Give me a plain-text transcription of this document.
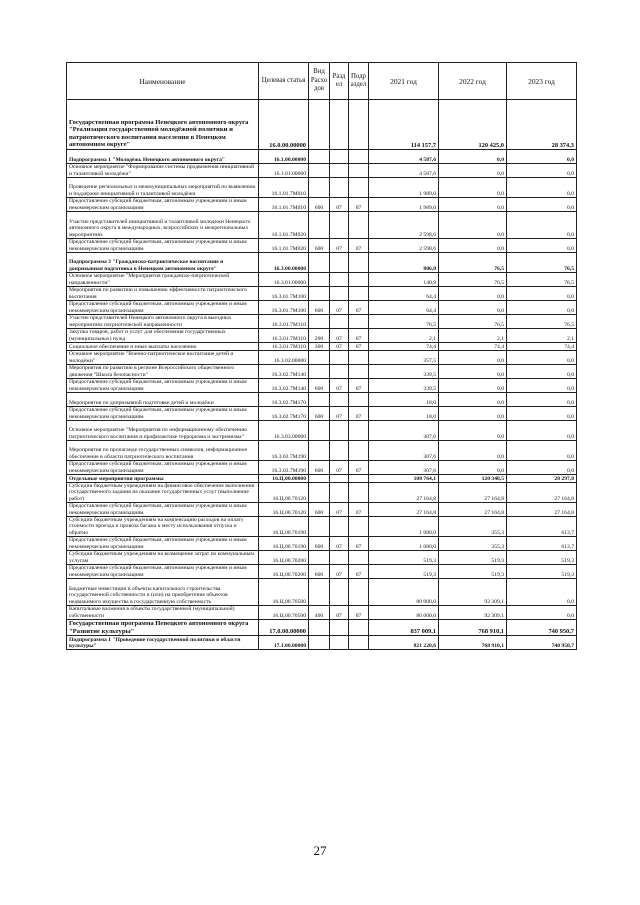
Наименование	Целевая статья	Вид Расхо дов	Разд ел	Подр аздел	2021 год	2022 год	2023 год
Государственная программа Ненецкого автономного округа "Реализация государственной молодёжной политики и патриотического воспитания населения в Ненецком автономном округе"	16.0.00.00000				114 157,7	120 425,0	28 374,3
Подпрограмма 1 "Молодёжь Ненецкого автономного округа"	16.1.00.00000				4 587,6	0,0	0,0
Основное мероприятие "Формирование системы продвижения инициативной и талантливой молодёжи"	16.1.01.00000				4 587,6	0,0	0,0
Проведение региональных и межмуниципальных мероприятий по выявлению и поддержке инициативной и талантливой молодёжи	16.1.01.7М010				1 989,0	0,0	0,0
Предоставление субсидий бюджетным, автономным учреждениям и иным некоммерческим организациям	16.1.01.7М010	600	07	07	1 989,0	0,0	0,0
Участие представителей инициативной и талантливой молодежи Ненецкого автономного округа в международных, всероссийских и межрегиональных мероприятиях	16.1.01.7М020				2 598,6	0,0	0,0
Предоставление субсидий бюджетным, автономным учреждениям и иным некоммерческим организациям	16.1.01.7М020	600	07	07	2 598,6	0,0	0,0
Подпрограмма 3 "Гражданско-патриотическое воспитание и допризывная подготовка в Ненецком автономном округе"	16.3.00.00000				806,0	76,5	76,5
Основное мероприятие "Мероприятия гражданско-патриотической направленности"	16.3.01.00000				140,9	76,5	76,5
Мероприятия по развитию и повышению эффективности патриотического воспитания	16.3.01.7М100				64,4	0,0	0,0
Предоставление субсидий бюджетным, автономным учреждениям и иным некоммерческим организациям	16.3.01.7М100	600	07	07	64,4	0,0	0,0
Участие представителей Ненецкого автономного округа в выездных мероприятиях патриотической направленности	16.3.01.7М110				76,5	76,5	76,5
Закупка товаров, работ и услуг для обеспечения государственных (муниципальных) нужд	16.3.01.7М110	200	07	07	2,1	2,1	2,1
Социальное обеспечение и иные выплаты населению	16.3.01.7М110	300	07	07	74,4	74,4	74,4
Основное мероприятие "Военно-патриотическое воспитание детей и молодёжи"	16.3.02.00000				357,5	0,0	0,0
Мероприятия по развитию в регионе Всероссийского общественного движения "Школа безопасности"	16.3.02.7М140				339,5	0,0	0,0
Предоставление субсидий бюджетным, автономным учреждениям и иным некоммерческим организациям	16.3.02.7М140	600	07	07	339,5	0,0	0,0
Мероприятия по допризывной подготовке детей и молодёжи	16.3.02.7М170				18,0	0,0	0,0
Предоставление субсидий бюджетным, автономным учреждениям и иным некоммерческим организациям	16.3.02.7М170	600	07	07	18,0	0,0	0,0
Основное мероприятие "Мероприятия по информационному обеспечению патриотического воспитания и профилактике терроризма и экстремизма"	16.3.03.00000				307,6	0,0	0,0
Мероприятия по пропаганде государственных символов, информационное обеспечение в области патриотического воспитания	16.3.03.7М190				307,6	0,0	0,0
Предоставление субсидий бюджетным, автономным учреждениям и иным некоммерческим организациям	16.3.03.7М190	600	07	07	307,6	0,0	0,0
Отдельные мероприятия программы	16.Ц.00.00000				108 764,1	120 348,5	28 297,8
Субсидии бюджетным учреждениям на финансовое обеспечение выполнения государственного задания на оказание государственных услуг (выполнение работ)	16.Ц.00.70120				27 164,8	27 164,8	27 164,8
Предоставление субсидий бюджетным, автономным учреждениям и иным некоммерческим организациям	16.Ц.00.70120	600	07	07	27 164,8	27 164,8	27 164,8
Субсидии бюджетным учреждениям на компенсацию расходов на оплату стоимости проезда и провоза багажа к месту использования отпуска и обратно	16.Ц.00.70190				1 080,0	355,3	613,7
Предоставление субсидий бюджетным, автономным учреждениям и иным некоммерческим организациям	16.Ц.00.70190	600	07	07	1 080,0	355,3	613,7
Субсидии бюджетным учреждениям на возмещение затрат по коммунальным услугам	16.Ц.00.70200				519,3	519,3	519,3
Предоставление субсидий бюджетным, автономным учреждениям и иным некоммерческим организациям	16.Ц.00.70200	600	07	07	519,3	519,3	519,3
Бюджетные инвестиции в объекты капитального строительства государственной собственности и (или) на приобретение объектов недвижимого имущества в государственную собственность	16.Ц.00.70500				80 000,0	92 309,1	0,0
Капитальные вложения в объекты государственной (муниципальной) собственности	16.Ц.00.70500	400	07	07	80 000,0	92 309,1	0,0
Государственная программа Ненецкого автономного округа "Развитие культуры"	17.0.00.00000				837 009,1	768 910,1	740 950,7
Подпрограмма 1 "Проведение государственной политики в области культуры"	17.1.00.00000				821 220,6	768 910,1	740 950,7
27
